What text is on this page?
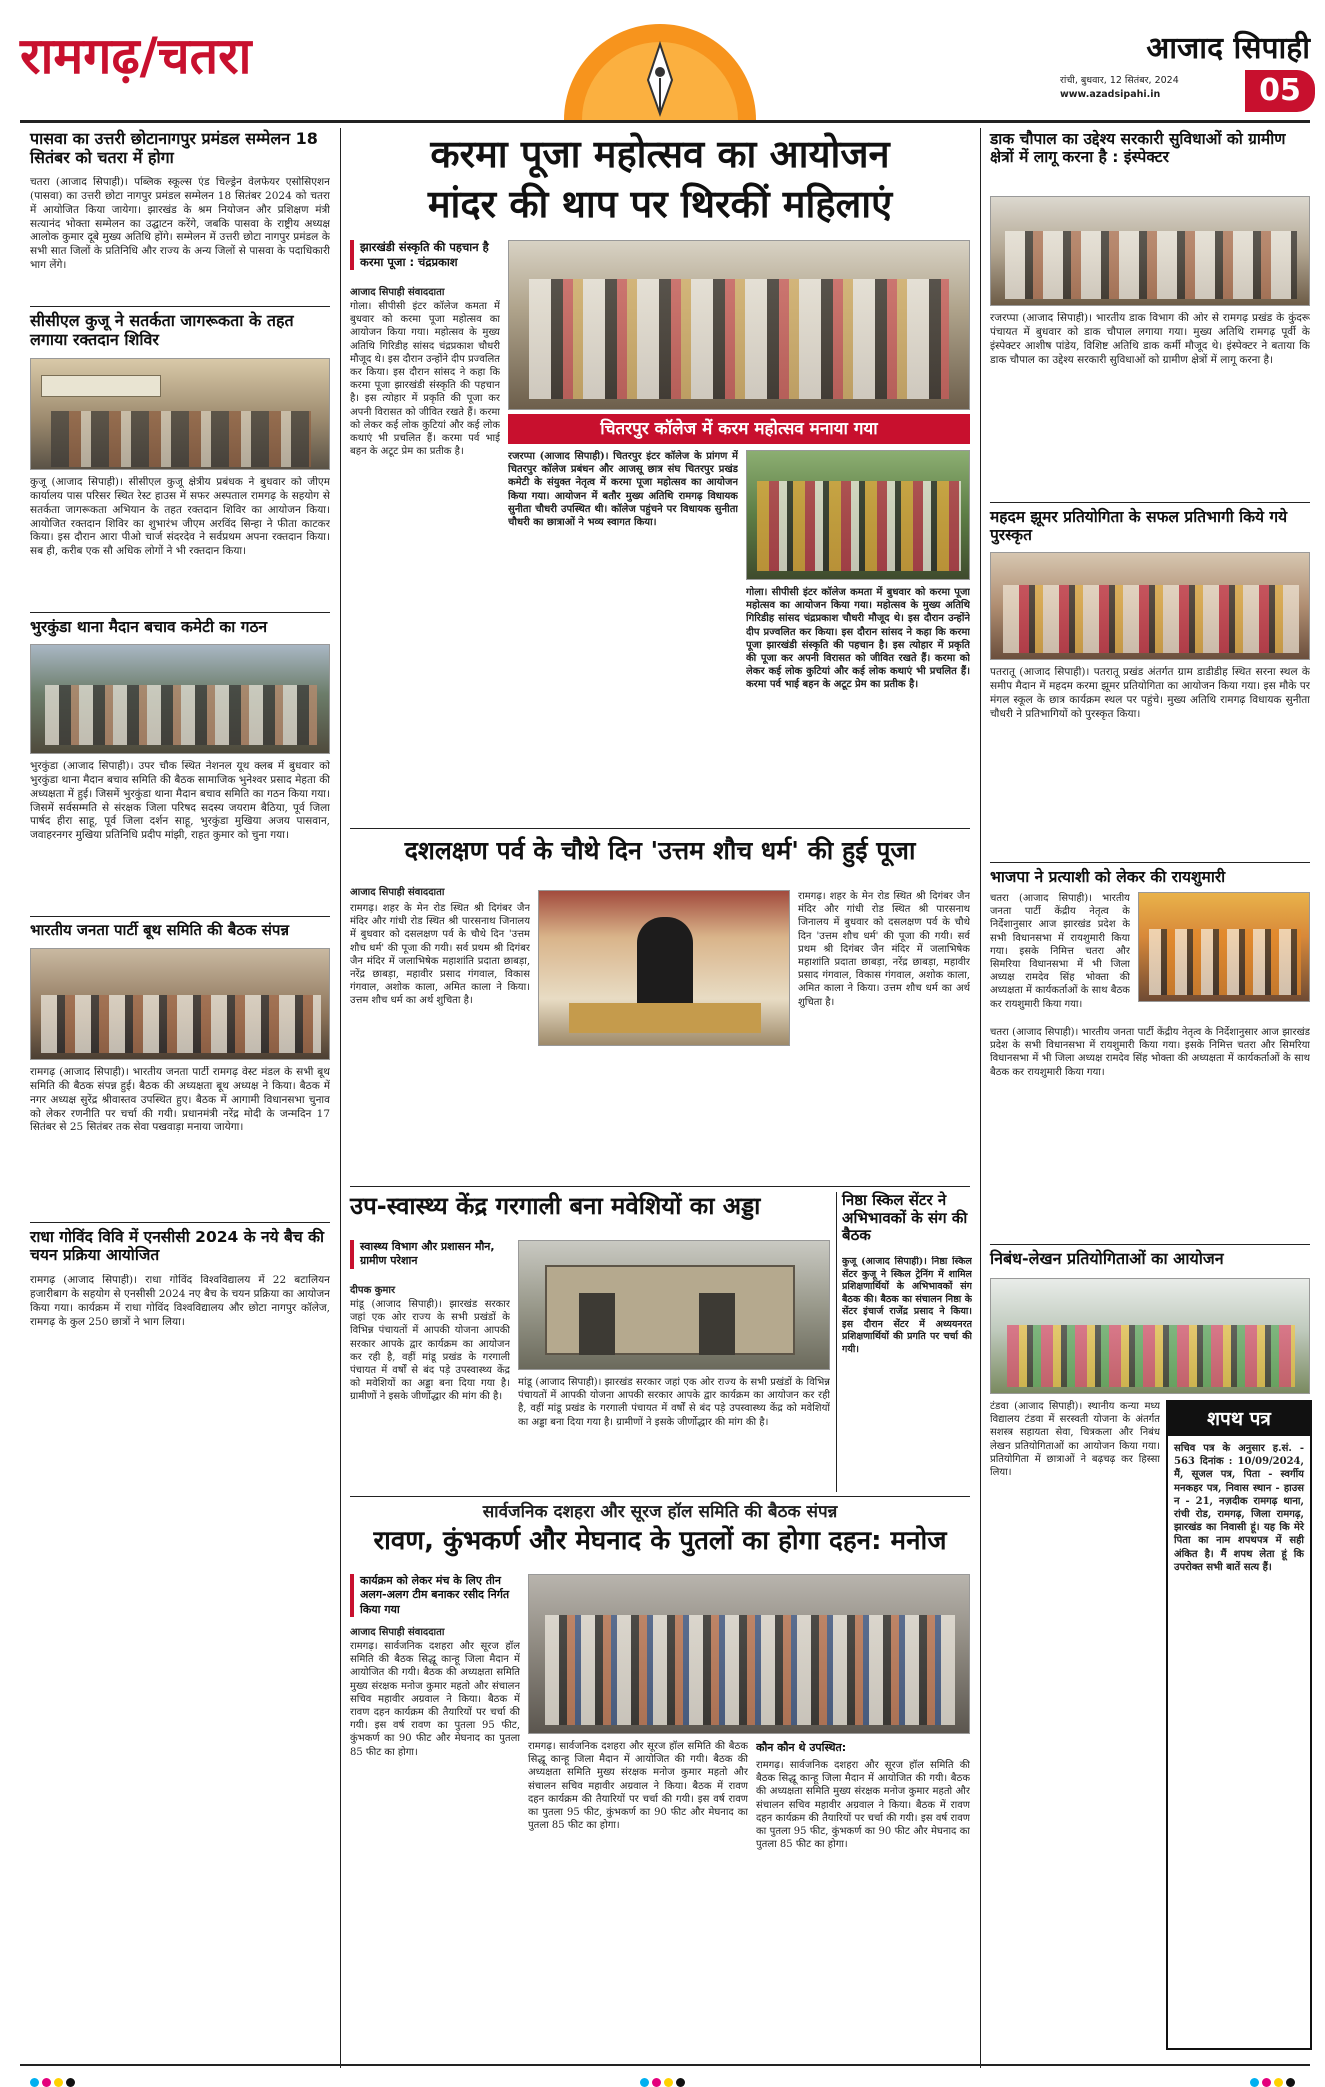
रामगढ़/चतरा	आजाद सिपाही
रांची, बुधवार, 12 सितंबर, 2024
www.azadsipahi.in	05
पासवा का उत्तरी छोटानागपुर प्रमंडल सम्मेलन 18 सितंबर को चतरा में होगा
चतरा (आजाद सिपाही)। पब्लिक स्कूल्स एंड चिल्ड्रेन वेलफेयर एसोसिएशन (पासवा) का उत्तरी छोटा नागपुर प्रमंडल सम्मेलन 18 सितंबर 2024 को चतरा में आयोजित किया जायेगा। झारखंड के श्रम नियोजन और प्रशिक्षण मंत्री सत्यानंद भोक्ता सम्मेलन का उद्घाटन करेंगे, जबकि पासवा के राष्ट्रीय अध्यक्ष आलोक कुमार दूबे मुख्य अतिथि होंगे। सम्मेलन में उत्तरी छोटा नागपुर प्रमंडल के सभी सात जिलों के प्रतिनिधि और राज्य के अन्य जिलों से पासवा के पदाधिकारी भाग लेंगे।
सीसीएल कुजू ने सतर्कता जागरूकता के तहत लगाया रक्तदान शिविर
कुजू (आजाद सिपाही)। सीसीएल कुजू क्षेत्रीय प्रबंधक ने बुधवार को जीएम कार्यालय पास परिसर स्थित रेस्ट हाउस में सफर अस्पताल रामगढ़ के सहयोग से सतर्कता जागरूकता अभियान के तहत रक्तदान शिविर का आयोजन किया। आयोजित रक्तदान शिविर का शुभारंभ जीएम अरविंद सिन्हा ने फीता काटकर किया। इस दौरान आरा पीओ चार्ज संदरदेव ने सर्वप्रथम अपना रक्तदान किया। सब ही, करीब एक सौ अधिक लोगों ने भी रक्तदान किया।
भुरकुंडा थाना मैदान बचाव कमेटी का गठन
भुरकुंडा (आजाद सिपाही)। उपर चौक स्थित नेशनल यूथ क्लब में बुधवार को भुरकुंडा थाना मैदान बचाव समिति की बैठक सामाजिक भुनेश्वर प्रसाद मेहता की अध्यक्षता में हुई। जिसमें भुरकुंडा थाना मैदान बचाव समिति का गठन किया गया। जिसमें सर्वसम्मति से संरक्षक जिला परिषद सदस्य जयराम बैठिया, पूर्व जिला पार्षद हीरा साहू, पूर्व जिला दर्शन साहू, भुरकुंडा मुखिया अजय पासवान, जवाहरनगर मुखिया प्रतिनिधि प्रदीप मांझी, राहत कुमार को चुना गया।
भारतीय जनता पार्टी बूथ समिति की बैठक संपन्न
रामगढ़ (आजाद सिपाही)। भारतीय जनता पार्टी रामगढ़ वेस्ट मंडल के सभी बूथ समिति की बैठक संपन्न हुई। बैठक की अध्यक्षता बूथ अध्यक्ष ने किया। बैठक में नगर अध्यक्ष सुरेंद्र श्रीवास्तव उपस्थित हुए। बैठक में आगामी विधानसभा चुनाव को लेकर रणनीति पर चर्चा की गयी। प्रधानमंत्री नरेंद्र मोदी के जन्मदिन 17 सितंबर से 25 सितंबर तक सेवा पखवाड़ा मनाया जायेगा।
राधा गोविंद विवि में एनसीसी 2024 के नये बैच की चयन प्रक्रिया आयोजित
रामगढ़ (आजाद सिपाही)। राधा गोविंद विश्वविद्यालय में 22 बटालियन हजारीबाग के सहयोग से एनसीसी 2024 नए बैच के चयन प्रक्रिया का आयोजन किया गया। कार्यक्रम में राधा गोविंद विश्वविद्यालय और छोटा नागपुर कॉलेज, रामगढ़ के कुल 250 छात्रों ने भाग लिया।
करमा पूजा महोत्सव का आयोजन
मांदर की थाप पर थिरकीं महिलाएं
झारखंडी संस्कृति की पहचान है करमा पूजा : चंद्रप्रकाश
आजाद सिपाही संवाददाता
गोला। सीपीसी इंटर कॉलेज कमता में बुधवार को करमा पूजा महोत्सव का आयोजन किया गया। महोत्सव के मुख्य अतिथि गिरिडीह सांसद चंद्रप्रकाश चौधरी मौजूद थे। इस दौरान उन्होंने दीप प्रज्वलित कर किया। इस दौरान सांसद ने कहा कि करमा पूजा झारखंडी संस्कृति की पहचान है। इस त्योहार में प्रकृति की पूजा कर अपनी विरासत को जीवित रखते हैं। करमा को लेकर कई लोक कुटियां और कई लोक कथाएं भी प्रचलित हैं। करमा पर्व भाई बहन के अटूट प्रेम का प्रतीक है।
चितरपुर कॉलेज में करम महोत्सव मनाया गया
रजरप्पा (आजाद सिपाही)। चितरपुर इंटर कॉलेज के प्रांगण में चितरपुर कॉलेज प्रबंधन और आजसू छात्र संघ चितरपुर प्रखंड कमेटी के संयुक्त नेतृत्व में करमा पूजा महोत्सव का आयोजन किया गया। आयोजन में बतौर मुख्य अतिथि रामगढ़ विधायक सुनीता चौधरी उपस्थित थी। कॉलेज पहुंचने पर विधायक सुनीता चौधरी का छात्राओं ने भव्य स्वागत किया।
गोला। सीपीसी इंटर कॉलेज कमता में बुधवार को करमा पूजा महोत्सव का आयोजन किया गया। महोत्सव के मुख्य अतिथि गिरिडीह सांसद चंद्रप्रकाश चौधरी मौजूद थे। इस दौरान उन्होंने दीप प्रज्वलित कर किया। इस दौरान सांसद ने कहा कि करमा पूजा झारखंडी संस्कृति की पहचान है। इस त्योहार में प्रकृति की पूजा कर अपनी विरासत को जीवित रखते हैं। करमा को लेकर कई लोक कुटियां और कई लोक कथाएं भी प्रचलित हैं। करमा पर्व भाई बहन के अटूट प्रेम का प्रतीक है।
दशलक्षण पर्व के चौथे दिन 'उत्तम शौच धर्म' की हुई पूजा
आजाद सिपाही संवाददाता
रामगढ़। शहर के मेन रोड स्थित श्री दिगंबर जैन मंदिर और गांधी रोड स्थित श्री पारसनाथ जिनालय में बुधवार को दसलक्षण पर्व के चौथे दिन 'उत्तम शौच धर्म' की पूजा की गयी। सर्व प्रथम श्री दिगंबर जैन मंदिर में जलाभिषेक महाशांति प्रदाता छाबड़ा, नरेंद्र छाबड़ा, महावीर प्रसाद गंगवाल, विकास गंगवाल, अशोक काला, अमित काला ने किया। उत्तम शौच धर्म का अर्थ शुचिता है।
रामगढ़। शहर के मेन रोड स्थित श्री दिगंबर जैन मंदिर और गांधी रोड स्थित श्री पारसनाथ जिनालय में बुधवार को दसलक्षण पर्व के चौथे दिन 'उत्तम शौच धर्म' की पूजा की गयी। सर्व प्रथम श्री दिगंबर जैन मंदिर में जलाभिषेक महाशांति प्रदाता छाबड़ा, नरेंद्र छाबड़ा, महावीर प्रसाद गंगवाल, विकास गंगवाल, अशोक काला, अमित काला ने किया। उत्तम शौच धर्म का अर्थ शुचिता है।
उप-स्वास्थ्य केंद्र गरगाली बना मवेशियों का अड्डा
स्वास्थ्य विभाग और प्रशासन मौन, ग्रामीण परेशान
दीपक कुमार
मांडू (आजाद सिपाही)। झारखंड सरकार जहां एक ओर राज्य के सभी प्रखंडों के विभिन्न पंचायतों में आपकी योजना आपकी सरकार आपके द्वार कार्यक्रम का आयोजन कर रही है, वहीं मांडू प्रखंड के गरगाली पंचायत में वर्षों से बंद पड़े उपस्वास्थ्य केंद्र को मवेशियों का अड्डा बना दिया गया है। ग्रामीणों ने इसके जीर्णोद्धार की मांग की है।
मांडू (आजाद सिपाही)। झारखंड सरकार जहां एक ओर राज्य के सभी प्रखंडों के विभिन्न पंचायतों में आपकी योजना आपकी सरकार आपके द्वार कार्यक्रम का आयोजन कर रही है, वहीं मांडू प्रखंड के गरगाली पंचायत में वर्षों से बंद पड़े उपस्वास्थ्य केंद्र को मवेशियों का अड्डा बना दिया गया है। ग्रामीणों ने इसके जीर्णोद्धार की मांग की है।
निष्ठा स्किल सेंटर ने अभिभावकों के संग की बैठक
कुजू (आजाद सिपाही)। निष्ठा स्किल सेंटर कुजू ने स्किल ट्रेनिंग में शामिल प्रशिक्षणार्थियों के अभिभावकों संग बैठक की। बैठक का संचालन निष्ठा के सेंटर इंचार्ज राजेंद्र प्रसाद ने किया। इस दौरान सेंटर में अध्ययनरत प्रशिक्षणार्थियों की प्रगति पर चर्चा की गयी।
सार्वजनिक दशहरा और सूरज हॉल समिति की बैठक संपन्न
रावण, कुंभकर्ण और मेघनाद के पुतलों का होगा दहन: मनोज
कार्यक्रम को लेकर मंच के लिए तीन अलग-अलग टीम बनाकर रसीद निर्गत किया गया
आजाद सिपाही संवाददाता
रामगढ़। सार्वजनिक दशहरा और सूरज हॉल समिति की बैठक सिद्धू कान्हू जिला मैदान में आयोजित की गयी। बैठक की अध्यक्षता समिति मुख्य संरक्षक मनोज कुमार महतो और संचालन सचिव महावीर अग्रवाल ने किया। बैठक में रावण दहन कार्यक्रम की तैयारियों पर चर्चा की गयी। इस वर्ष रावण का पुतला 95 फीट, कुंभकर्ण का 90 फीट और मेघनाद का पुतला 85 फीट का होगा।	रामगढ़। सार्वजनिक दशहरा और सूरज हॉल समिति की बैठक सिद्धू कान्हू जिला मैदान में आयोजित की गयी। बैठक की अध्यक्षता समिति मुख्य संरक्षक मनोज कुमार महतो और संचालन सचिव महावीर अग्रवाल ने किया। बैठक में रावण दहन कार्यक्रम की तैयारियों पर चर्चा की गयी। इस वर्ष रावण का पुतला 95 फीट, कुंभकर्ण का 90 फीट और मेघनाद का पुतला 85 फीट का होगा।
कौन कौन थे उपस्थित:
रामगढ़। सार्वजनिक दशहरा और सूरज हॉल समिति की बैठक सिद्धू कान्हू जिला मैदान में आयोजित की गयी। बैठक की अध्यक्षता समिति मुख्य संरक्षक मनोज कुमार महतो और संचालन सचिव महावीर अग्रवाल ने किया। बैठक में रावण दहन कार्यक्रम की तैयारियों पर चर्चा की गयी। इस वर्ष रावण का पुतला 95 फीट, कुंभकर्ण का 90 फीट और मेघनाद का पुतला 85 फीट का होगा।
डाक चौपाल का उद्देश्य सरकारी सुविधाओं को ग्रामीण क्षेत्रों में लागू करना है : इंस्पेक्टर
रजरप्पा (आजाद सिपाही)। भारतीय डाक विभाग की ओर से रामगढ़ प्रखंड के कुंदरू पंचायत में बुधवार को डाक चौपाल लगाया गया। मुख्य अतिथि रामगढ़ पूर्वी के इंस्पेक्टर आशीष पांडेय, विशिष्ट अतिथि डाक कर्मी मौजूद थे। इंस्पेक्टर ने बताया कि डाक चौपाल का उद्देश्य सरकारी सुविधाओं को ग्रामीण क्षेत्रों में लागू करना है।
महदम झूमर प्रतियोगिता के सफल प्रतिभागी किये गये पुरस्कृत
पतरातू (आजाद सिपाही)। पतरातू प्रखंड अंतर्गत ग्राम डाडीडीह स्थित सरना स्थल के समीप मैदान में महदम करमा झूमर प्रतियोगिता का आयोजन किया गया। इस मौके पर मंगल स्कूल के छात्र कार्यक्रम स्थल पर पहुंचे। मुख्य अतिथि रामगढ़ विधायक सुनीता चौधरी ने प्रतिभागियों को पुरस्कृत किया।
भाजपा ने प्रत्याशी को लेकर की रायशुमारी
चतरा (आजाद सिपाही)। भारतीय जनता पार्टी केंद्रीय नेतृत्व के निर्देशानुसार आज झारखंड प्रदेश के सभी विधानसभा में रायशुमारी किया गया। इसके निमित्त चतरा और सिमरिया विधानसभा में भी जिला अध्यक्ष रामदेव सिंह भोक्ता की अध्यक्षता में कार्यकर्ताओं के साथ बैठक कर रायशुमारी किया गया।
चतरा (आजाद सिपाही)। भारतीय जनता पार्टी केंद्रीय नेतृत्व के निर्देशानुसार आज झारखंड प्रदेश के सभी विधानसभा में रायशुमारी किया गया। इसके निमित्त चतरा और सिमरिया विधानसभा में भी जिला अध्यक्ष रामदेव सिंह भोक्ता की अध्यक्षता में कार्यकर्ताओं के साथ बैठक कर रायशुमारी किया गया।
निबंध-लेखन प्रतियोगिताओं का आयोजन
टंडवा (आजाद सिपाही)। स्थानीय कन्या मध्य विद्यालय टंडवा में सरस्वती योजना के अंतर्गत सशस्त्र सहायता सेवा, चित्रकला और निबंध लेखन प्रतियोगिताओं का आयोजन किया गया। प्रतियोगिता में छात्राओं ने बढ़चढ़ कर हिस्सा लिया।
शपथ पत्र
सचिव पत्र के अनुसार ह.सं. - 563 दिनांक : 10/09/2024, मैं, सूजल पत्र, पिता - स्वर्गीय मनकहर पत्र, निवास स्थान - हाउस न - 21, नज़दीक रामगढ़ थाना, रांची रोड, रामगढ़, जिला रामगढ़, झारखंड का निवासी हूं। यह कि मेरे पिता का नाम शपथपत्र में सही अंकित है। मैं शपथ लेता हूं कि उपरोक्त सभी बातें सत्य हैं।
